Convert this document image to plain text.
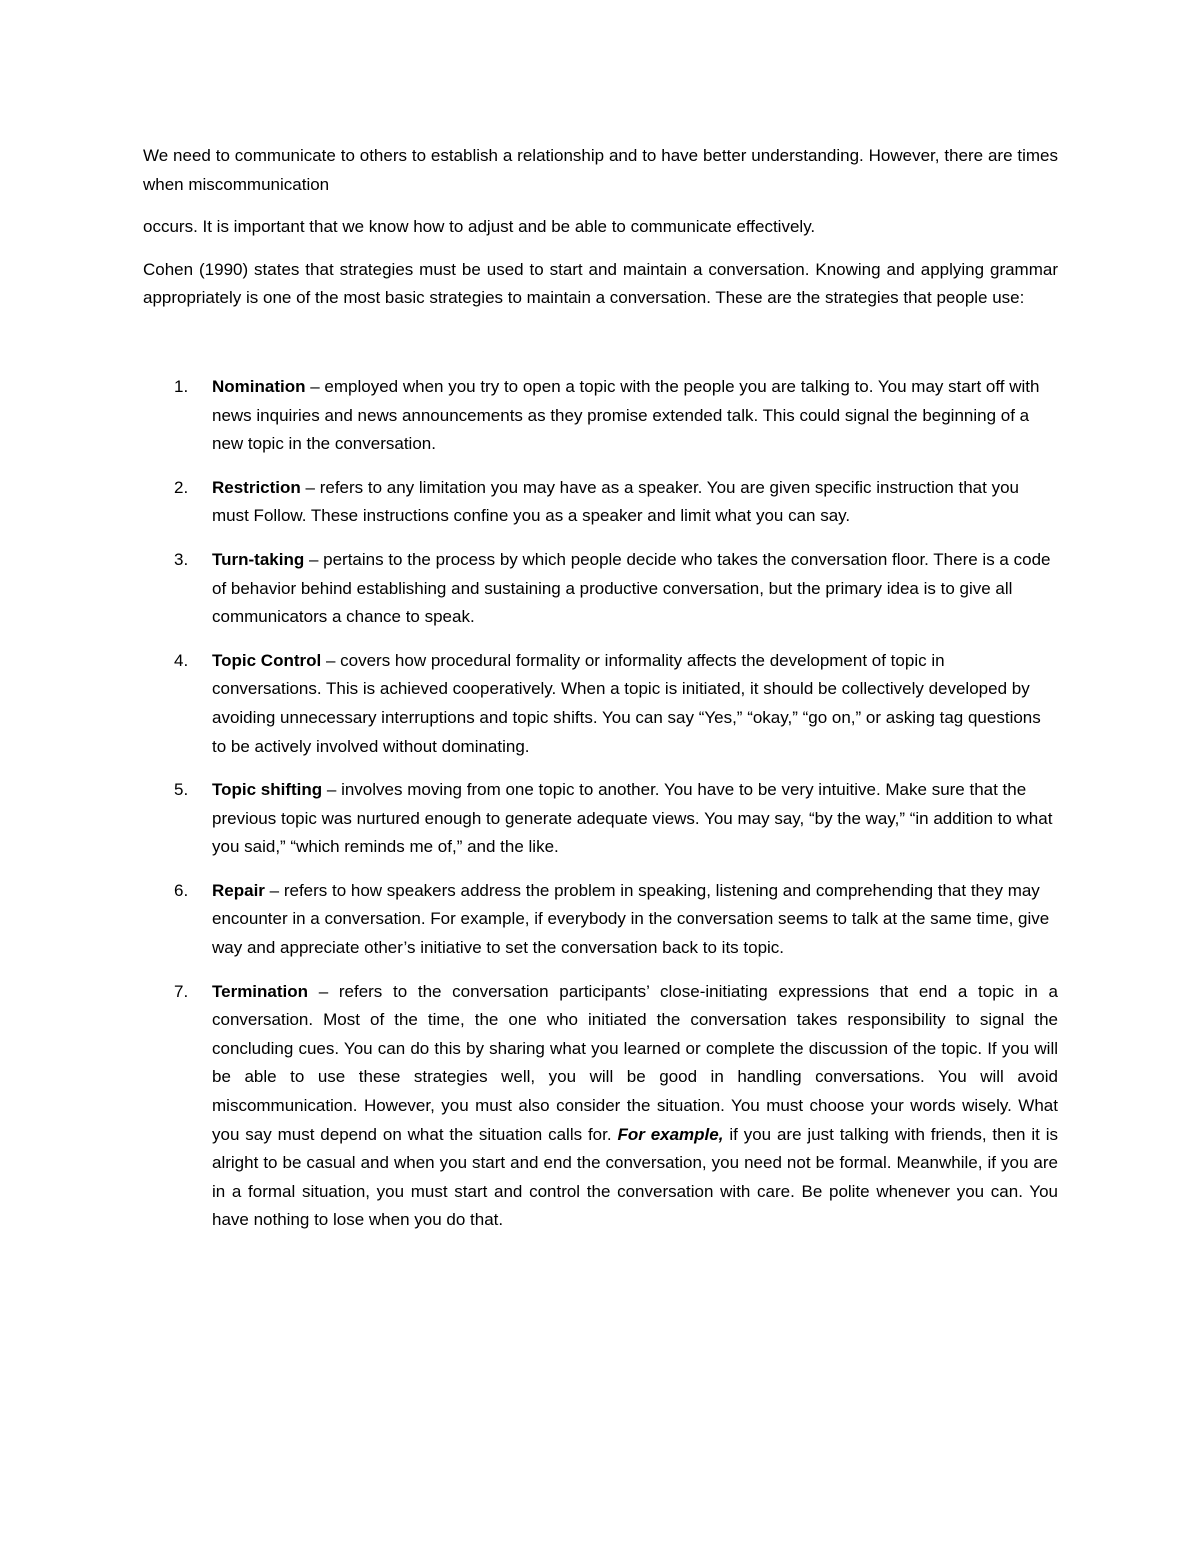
We need to communicate to others to establish a relationship and to have better understanding. However, there are times when miscommunication

occurs. It is important that we know how to adjust and be able to communicate effectively.

Cohen (1990) states that strategies must be used to start and maintain a conversation. Knowing and applying grammar appropriately is one of the most basic strategies to maintain a conversation. These are the strategies that people use:

1. Nomination – employed when you try to open a topic with the people you are talking to. You may start off with news inquiries and news announcements as they promise extended talk. This could signal the beginning of a new topic in the conversation.
2. Restriction – refers to any limitation you may have as a speaker. You are given specific instruction that you must Follow. These instructions confine you as a speaker and limit what you can say.
3. Turn-taking – pertains to the process by which people decide who takes the conversation floor. There is a code of behavior behind establishing and sustaining a productive conversation, but the primary idea is to give all communicators a chance to speak.
4. Topic Control – covers how procedural formality or informality affects the development of topic in conversations. This is achieved cooperatively. When a topic is initiated, it should be collectively developed by avoiding unnecessary interruptions and topic shifts. You can say “Yes,” “okay,” “go on,” or asking tag questions to be actively involved without dominating.
5. Topic shifting – involves moving from one topic to another. You have to be very intuitive. Make sure that the previous topic was nurtured enough to generate adequate views. You may say, “by the way,” “in addition to what you said,” “which reminds me of,” and the like.
6. Repair – refers to how speakers address the problem in speaking, listening and comprehending that they may encounter in a conversation. For example, if everybody in the conversation seems to talk at the same time, give way and appreciate other’s initiative to set the conversation back to its topic.
7. Termination – refers to the conversation participants’ close-initiating expressions that end a topic in a conversation. Most of the time, the one who initiated the conversation takes responsibility to signal the concluding cues. You can do this by sharing what you learned or complete the discussion of the topic. If you will be able to use these strategies well, you will be good in handling conversations. You will avoid miscommunication. However, you must also consider the situation. You must choose your words wisely. What you say must depend on what the situation calls for. For example, if you are just talking with friends, then it is alright to be casual and when you start and end the conversation, you need not be formal. Meanwhile, if you are in a formal situation, you must start and control the conversation with care. Be polite whenever you can. You have nothing to lose when you do that.
